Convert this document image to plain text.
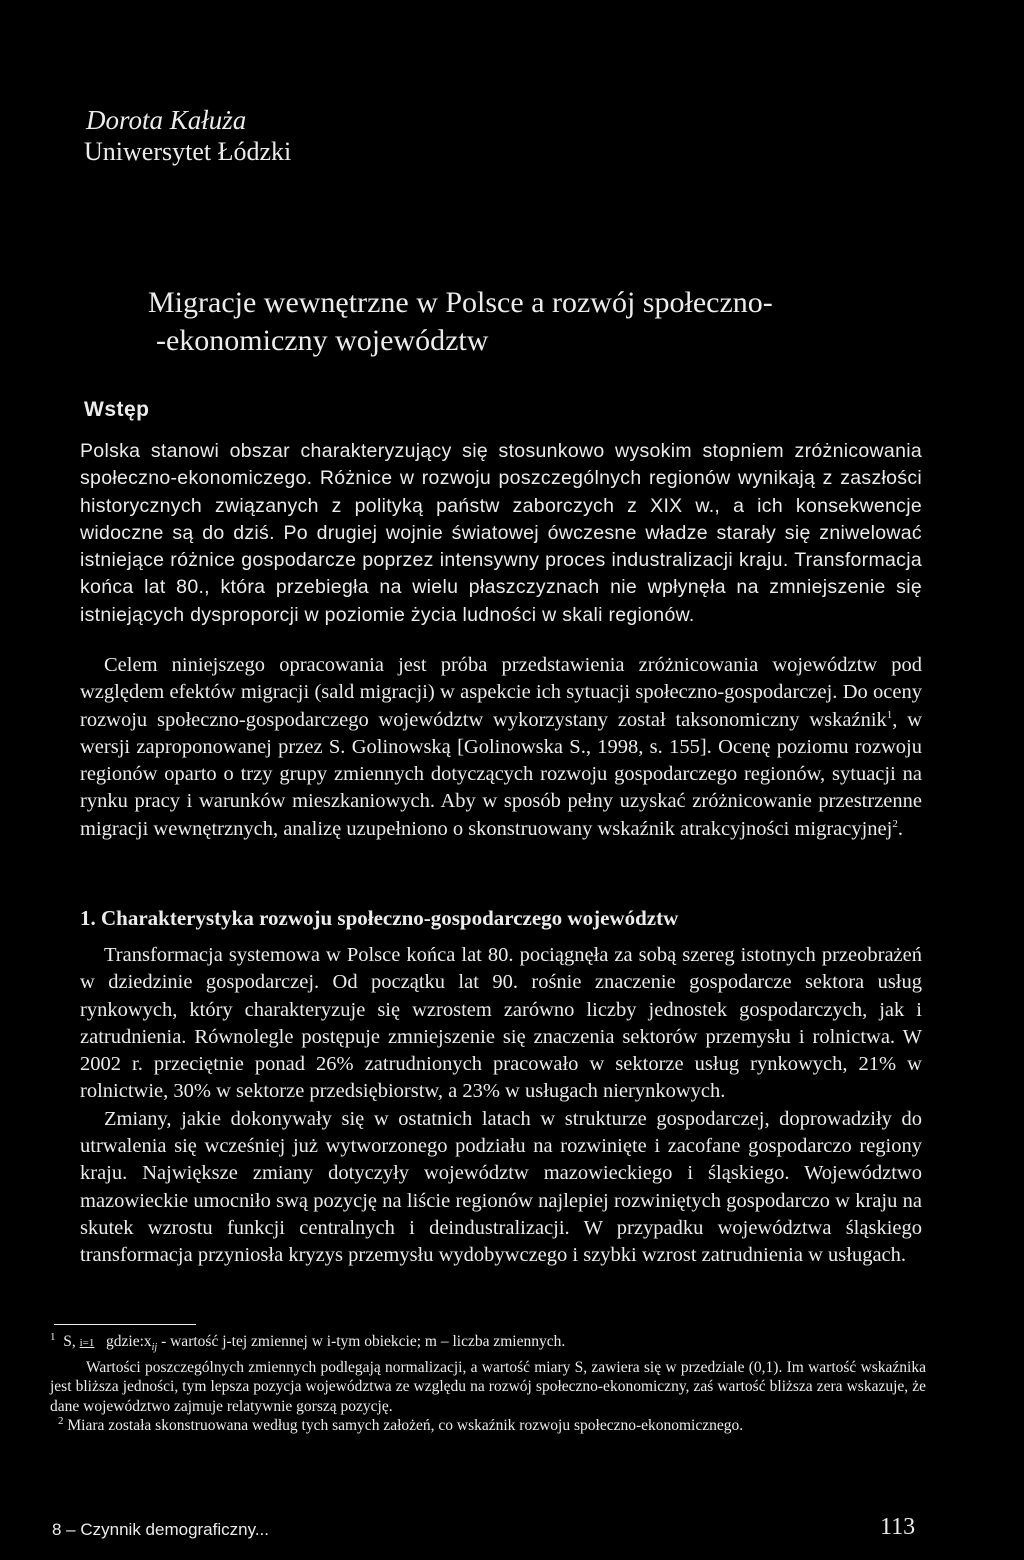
Dorota Kałuża
Uniwersytet Łódzki
Migracje wewnętrzne w Polsce a rozwój społeczno-
-ekonomiczny województw
Wstęp

Polska stanowi obszar charakteryzujący się stosunkowo wysokim stopniem zróżnicowania społeczno-ekonomiczego. Różnice w rozwoju poszczególnych regionów wynikają z zaszłości historycznych związanych z polityką państw zaborczych z XIX w., a ich konsekwencje widoczne są do dziś. Po drugiej wojnie światowej ówczesne władze starały się zniwelować istniejące różnice gospodarcze poprzez intensywny proces industralizacji kraju. Transformacja końca lat 80., która przebiegła na wielu płaszczyznach nie wpłynęła na zmniejszenie się istniejących dysproporcji w poziomie życia ludności w skali regionów.

Celem niniejszego opracowania jest próba przedstawienia zróżnicowania województw pod względem efektów migracji (sald migracji) w aspekcie ich sytuacji społeczno-gospodarczej. Do oceny rozwoju społeczno-gospodarczego województw wykorzystany został taksonomiczny wskaźnik$^1$, w wersji zaproponowanej przez S. Golinowską [Golinowska S., 1998, s. 155]. Ocenę poziomu rozwoju regionów oparto o trzy grupy zmiennych dotyczących rozwoju gospodarczego regionów, sytuacji na rynku pracy i warunków mieszkaniowych. Aby w sposób pełny uzyskać zróżnicowanie przestrzenne migracji wewnętrznych, analizę uzupełniono o skonstruowany wskaźnik atrakcyjności migracyjnej$^2$.

1. Charakterystyka rozwoju społeczno-gospodarczego województw

Transformacja systemowa w Polsce końca lat 80. pociągnęła za sobą szereg istotnych przeobrażeń w dziedzinie gospodarczej. Od początku lat 90. rośnie znaczenie gospodarcze sektora usług rynkowych, który charakteryzuje się wzrostem zarówno liczby jednostek gospodarczych, jak i zatrudnienia. Równolegle postępuje zmniejszenie się znaczenia sektorów przemysłu i rolnictwa. W 2002 r. przeciętnie ponad 26% zatrudnionych pracowało w sektorze usług rynkowych, 21% w rolnictwie, 30% w sektorze przedsiębiorstw, a 23% w usługach nierynkowych.

Zmiany, jakie dokonywały się w ostatnich latach w strukturze gospodarczej, doprowadziły do utrwalenia się wcześniej już wytworzonego podziału na rozwinięte i zacofane gospodarczo regiony kraju. Największe zmiany dotyczyły województw mazowieckiego i śląskiego. Województwo mazowieckie umocniło swą pozycję na liście regionów najlepiej rozwiniętych gospodarczo w kraju na skutek wzrostu funkcji centralnych i deindustralizacji. W przypadku województwa śląskiego transformacja przyniosła kryzys przemysłu wydobywczego i szybki wzrost zatrudnienia w usługach.

$^1$ S, i=1 $gdzie:x_{ij}$ - wartość j-tej zmiennej w i-tym obiekcie; m – liczba zmiennych.

Wartości poszczególnych zmiennych podlegają normalizacji, a wartość miary S, zawiera się w przedziale (0,1). Im wartość wskaźnika jest bliższa jedności, tym lepsza pozycja województwa ze względu na rozwój społeczno-ekonomiczny, zaś wartość bliższa zera wskazuje, że dane województwo zajmuje relatywnie gorszą pozycję.

$^2$ Miara została skonstruowana według tych samych założeń, co wskaźnik rozwoju społeczno-ekonomicznego.

8 – Czynnik demograficzny...	113
